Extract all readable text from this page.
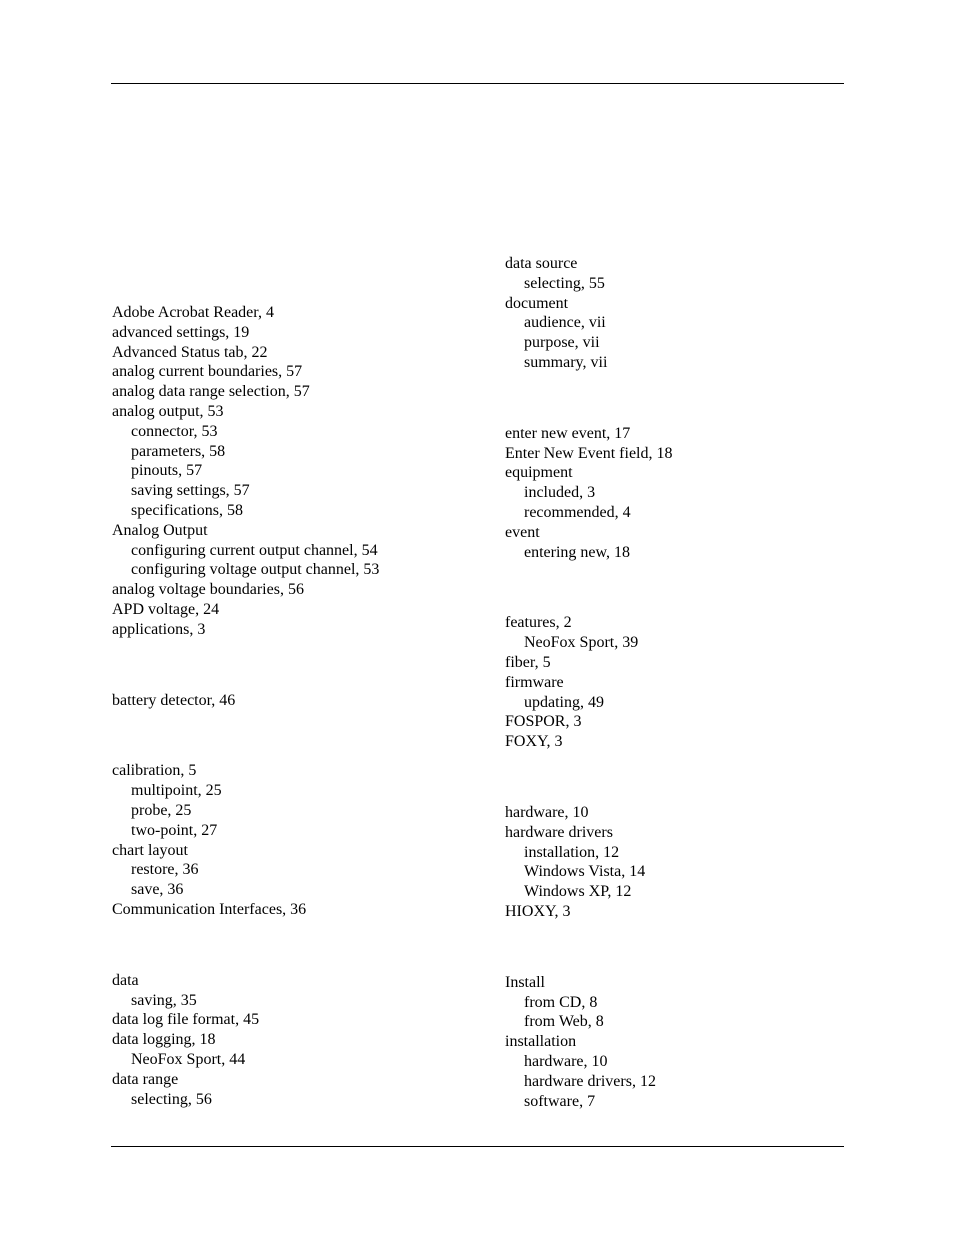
Adobe Acrobat Reader, 4
advanced settings, 19
Advanced Status tab, 22
analog current boundaries, 57
analog data range selection, 57
analog output, 53
connector, 53
parameters, 58
pinouts, 57
saving settings, 57
specifications, 58
Analog Output
configuring current output channel, 54
configuring voltage output channel, 53
analog voltage boundaries, 56
APD voltage, 24
applications, 3
battery detector, 46
calibration, 5
multipoint, 25
probe, 25
two-point, 27
chart layout
restore, 36
save, 36
Communication Interfaces, 36
data
saving, 35
data log file format, 45
data logging, 18
NeoFox Sport, 44
data range
selecting, 56
data source
selecting, 55
document
audience, vii
purpose, vii
summary, vii
enter new event, 17
Enter New Event field, 18
equipment
included, 3
recommended, 4
event
entering new, 18
features, 2
NeoFox Sport, 39
fiber, 5
firmware
updating, 49
FOSPOR, 3
FOXY, 3
hardware, 10
hardware drivers
installation, 12
Windows Vista, 14
Windows XP, 12
HIOXY, 3
Install
from CD, 8
from Web, 8
installation
hardware, 10
hardware drivers, 12
software, 7
